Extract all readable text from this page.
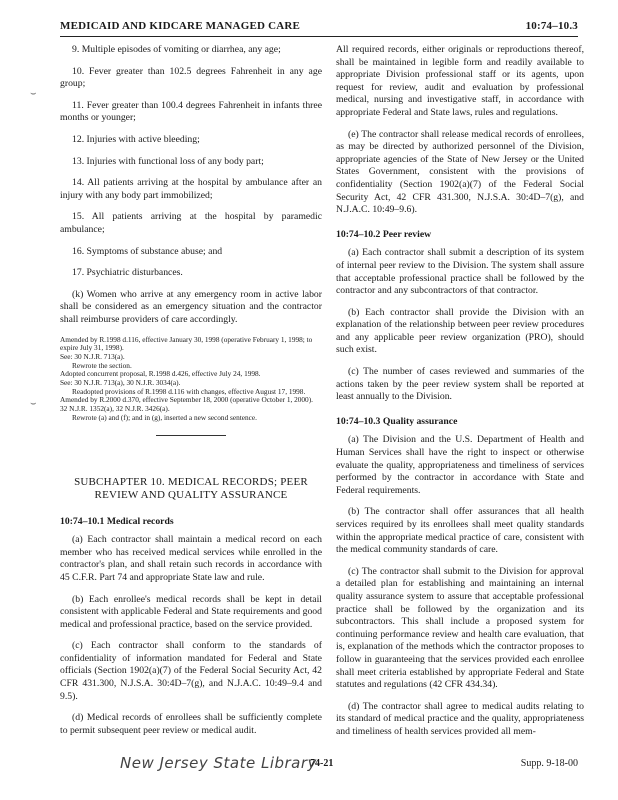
MEDICAID AND KIDCARE MANAGED CARE	10:74–10.3

9. Multiple episodes of vomiting or diarrhea, any age;

10. Fever greater than 102.5 degrees Fahrenheit in any age group;

11. Fever greater than 100.4 degrees Fahrenheit in infants three months or younger;

12. Injuries with active bleeding;

13. Injuries with functional loss of any body part;

14. All patients arriving at the hospital by ambulance after an injury with any body part immobilized;

15. All patients arriving at the hospital by paramedic ambulance;

16. Symptoms of substance abuse; and

17. Psychiatric disturbances.

(k) Women who arrive at any emergency room in active labor shall be considered as an emergency situation and the contractor shall reimburse providers of care accordingly.

Amended by R.1998 d.116, effective January 30, 1998 (operative February 1, 1998; to expire July 31, 1998).
See: 30 N.J.R. 713(a).
Rewrote the section.
Adopted concurrent proposal, R.1998 d.426, effective July 24, 1998.
See: 30 N.J.R. 713(a), 30 N.J.R. 3034(a).
Readopted provisions of R.1998 d.116 with changes, effective August 17, 1998.
Amended by R.2000 d.370, effective September 18, 2000 (operative October 1, 2000).
32 N.J.R. 1352(a), 32 N.J.R. 3426(a).
Rewrote (a) and (f); and in (g), inserted a new second sentence.
SUBCHAPTER 10. MEDICAL RECORDS; PEER
REVIEW AND QUALITY ASSURANCE

10:74–10.1 Medical records

(a) Each contractor shall maintain a medical record on each member who has received medical services while enrolled in the contractor's plan, and shall retain such records in accordance with 45 C.F.R. Part 74 and appropriate State law and rule.

(b) Each enrollee's medical records shall be kept in detail consistent with applicable Federal and State requirements and good medical and professional practice, based on the service provided.

(c) Each contractor shall conform to the standards of confidentiality of information mandated for Federal and State officials (Section 1902(a)(7) of the Federal Social Security Act, 42 CFR 431.300, N.J.S.A. 30:4D–7(g), and N.J.A.C. 10:49–9.4 and 9.5).

(d) Medical records of enrollees shall be sufficiently complete to permit subsequent peer review or medical audit.

All required records, either originals or reproductions thereof, shall be maintained in legible form and readily available to appropriate Division professional staff or its agents, upon request for review, audit and evaluation by professional medical, nursing and investigative staff, in accordance with appropriate Federal and State laws, rules and regulations.

(e) The contractor shall release medical records of enrollees, as may be directed by authorized personnel of the Division, appropriate agencies of the State of New Jersey or the United States Government, consistent with the provisions of confidentiality (Section 1902(a)(7) of the Federal Social Security Act, 42 CFR 431.300, N.J.S.A. 30:4D–7(g), and N.J.A.C. 10:49–9.6).

10:74–10.2 Peer review

(a) Each contractor shall submit a description of its system of internal peer review to the Division. The system shall assure that acceptable professional practice shall be followed by the contractor and any subcontractors of that contractor.

(b) Each contractor shall provide the Division with an explanation of the relationship between peer review procedures and any applicable peer review organization (PRO), should such exist.

(c) The number of cases reviewed and summaries of the actions taken by the peer review system shall be reported at least annually to the Division.

10:74–10.3 Quality assurance

(a) The Division and the U.S. Department of Health and Human Services shall have the right to inspect or otherwise evaluate the quality, appropriateness and timeliness of services performed by the contractor in accordance with State and Federal requirements.

(b) The contractor shall offer assurances that all health services required by its enrollees shall meet quality standards within the appropriate medical practice of care, consistent with the medical community standards of care.

(c) The contractor shall submit to the Division for approval a detailed plan for establishing and maintaining an internal quality assurance system to assure that acceptable professional practice shall be followed by the organization and its subcontractors. This shall include a proposed system for continuing performance review and health care evaluation, that is, explanation of the methods which the contractor proposes to follow in guaranteeing that the services provided each enrollee shall meet criteria established by appropriate Federal and State statutes and regulations (42 CFR 434.34).

(d) The contractor shall agree to medical audits relating to its standard of medical practice and the quality, appropriateness and timeliness of health services provided all mem-

⌣
⌣
New Jersey State Library
74-21	Supp. 9-18-00
